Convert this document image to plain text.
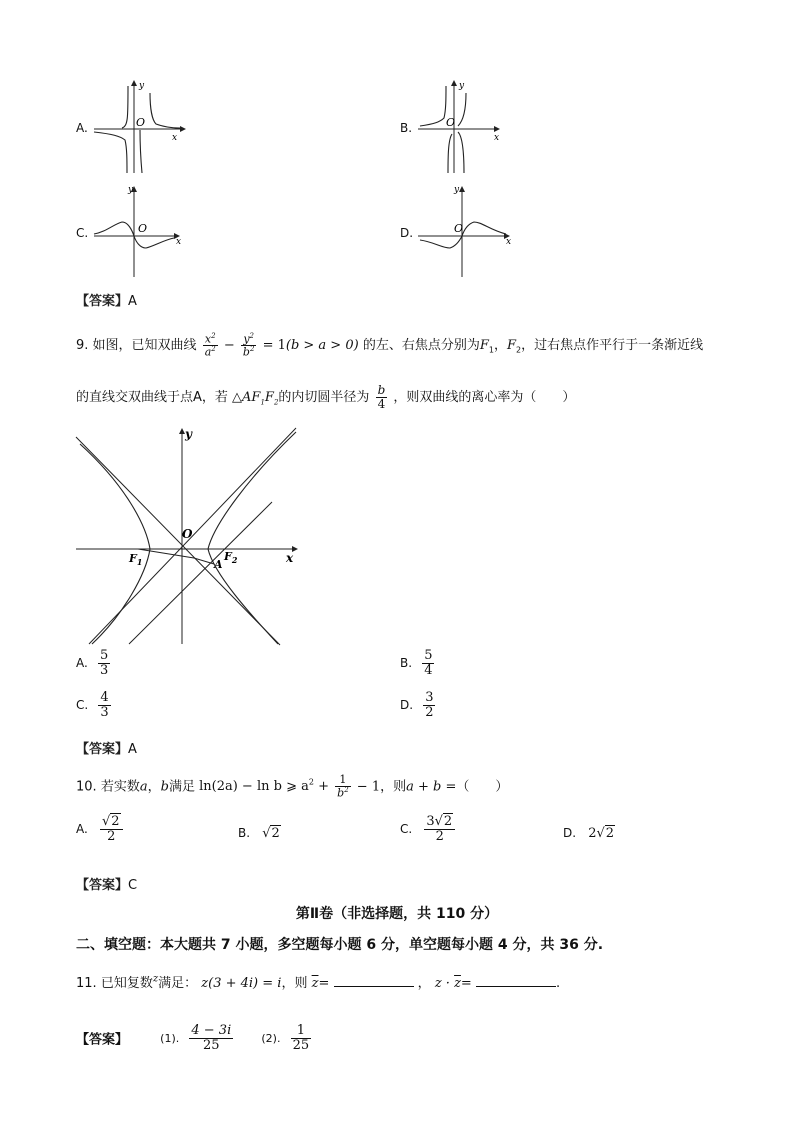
A.
y
x
O	B.
y
x
O
C.
y
x
O	D.
y
x
O
【答案】A
9. 如图，已知双曲线 $\frac{x^2}{a^2} - \frac{y^2}{b^2} = 1(b > a > 0)$ 的左、右焦点分别为$F_1$，$F_2$，过右焦点作平行于一条渐近线
的直线交双曲线于点A，若 $\triangle AF_1F_2$的内切圆半径为 $\frac{b}{4}$ ，则双曲线的离心率为（　　）
y
x
O
$F_1$	$F_2$
A
A. $\frac{5}{3}$	B. $\frac{5}{4}$
C. $\frac{4}{3}$	D. $\frac{3}{2}$
【答案】A
10. 若实数a，b满足 ln(2a) − ln b ⩾ $a^2 + \frac{1}{b^2} - 1$，则a + b =（　　）
A. $\frac{√2}{2}$	B. √2	C. $\frac{3√2}{2}$	D. 2√2
【答案】C
第Ⅱ卷（非选择题，共 110 分）
二、填空题：本大题共 7 小题，多空题每小题 6 分，单空题每小题 4 分，共 36 分.
11. 已知复数$^z$满足： z(3 + 4i) = i，则 $\overline{z}=$	， $z \cdot \overline{z}=$	.
【答案】	(1). $\frac{4 - 3i}{25}$	(2). $\frac{1}{25}$
